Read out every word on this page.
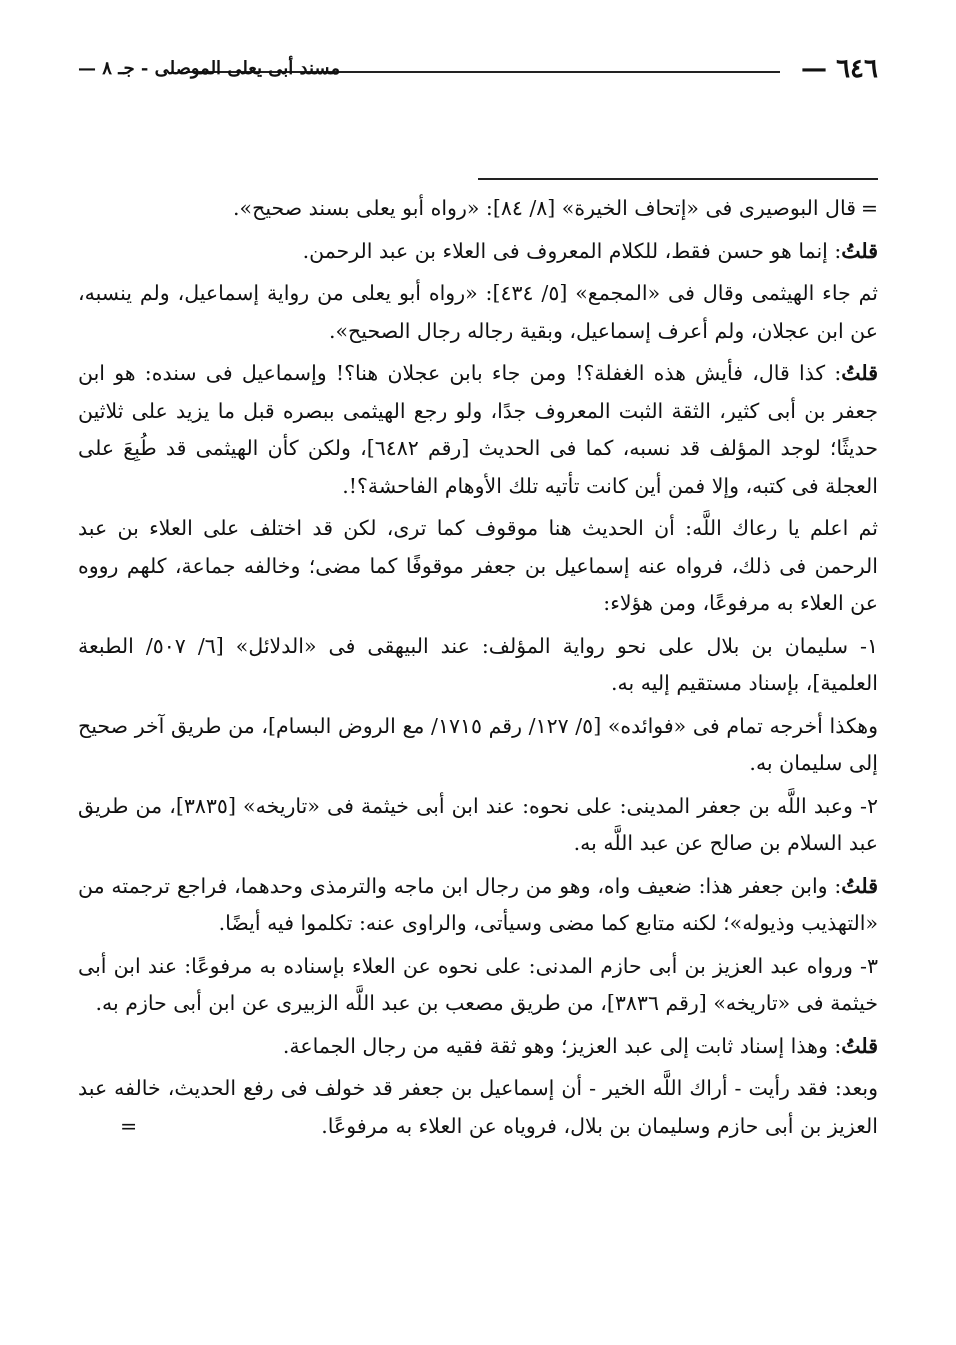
٦٤٦ —
مسند أبى يعلى الموصلى - جـ ٨ —

=
قال البوصيرى فى «إتحاف الخيرة» [٨/ ٨٤]: «رواه أبو يعلى بسند صحيح».

قلتُ: إنما هو حسن فقط، للكلام المعروف فى العلاء بن عبد الرحمن.

ثم جاء الهيثمى وقال فى «المجمع» [٥/ ٤٣٤]: «رواه أبو يعلى من رواية إسماعيل، ولم ينسبه، عن ابن عجلان، ولم أعرف إسماعيل، وبقية رجاله رجال الصحيح».

قلتُ: كذا قال، فأيش هذه الغفلة؟! ومن جاء بابن عجلان هنا؟! وإسماعيل فى سنده: هو ابن جعفر بن أبى كثير، الثقة الثبت المعروف جدًا، ولو رجع الهيثمى ببصره قبل ما يزيد على ثلاثين حديثًا؛ لوجد المؤلف قد نسبه، كما فى الحديث [رقم ٦٤٨٢]، ولكن كأن الهيثمى قد طُبِعَ على العجلة فى كتبه، وإلا فمن أين كانت تأتيه تلك الأوهام الفاحشة؟!.

ثم اعلم يا رعاك اللَّه: أن الحديث هنا موقوف كما ترى، لكن قد اختلف على العلاء بن عبد الرحمن فى ذلك، فرواه عنه إسماعيل بن جعفر موقوفًا كما مضى؛ وخالفه جماعة، كلهم رووه عن العلاء به مرفوعًا، ومن هؤلاء:

١- سليمان بن بلال على نحو رواية المؤلف: عند البيهقى فى «الدلائل» [٦/ ٥٠٧/ الطبعة العلمية]، بإسناد مستقيم إليه به.

وهكذا أخرجه تمام فى «فوائده» [٥/ ١٢٧/ رقم ١٧١٥/ مع الروض البسام]، من طريق آخر صحيح إلى سليمان به.

٢- وعبد اللَّه بن جعفر المدينى: على نحوه: عند ابن أبى خيثمة فى «تاريخه» [٣٨٣٥]، من طريق عبد السلام بن صالح عن عبد اللَّه به.

قلتُ: وابن جعفر هذا: ضعيف واه، وهو من رجال ابن ماجه والترمذى وحدهما، فراجع ترجمته من «التهذيب وذيوله»؛ لكنه متابع كما مضى وسيأتى، والراوى عنه: تكلموا فيه أيضًا.

٣- ورواه عبد العزيز بن أبى حازم المدنى: على نحوه عن العلاء بإسناده به مرفوعًا: عند ابن أبى خيثمة فى «تاريخه» [رقم ٣٨٣٦]، من طريق مصعب بن عبد اللَّه الزبيرى عن ابن أبى حازم به.

قلتُ: وهذا إسناد ثابت إلى عبد العزيز؛ وهو ثقة فقيه من رجال الجماعة.

وبعد: فقد رأيت - أراك اللَّه الخير - أن إسماعيل بن جعفر قد خولف فى رفع الحديث، خالفه عبد العزيز بن أبى حازم وسليمان بن بلال، فروياه عن العلاء به مرفوعًا.
=
